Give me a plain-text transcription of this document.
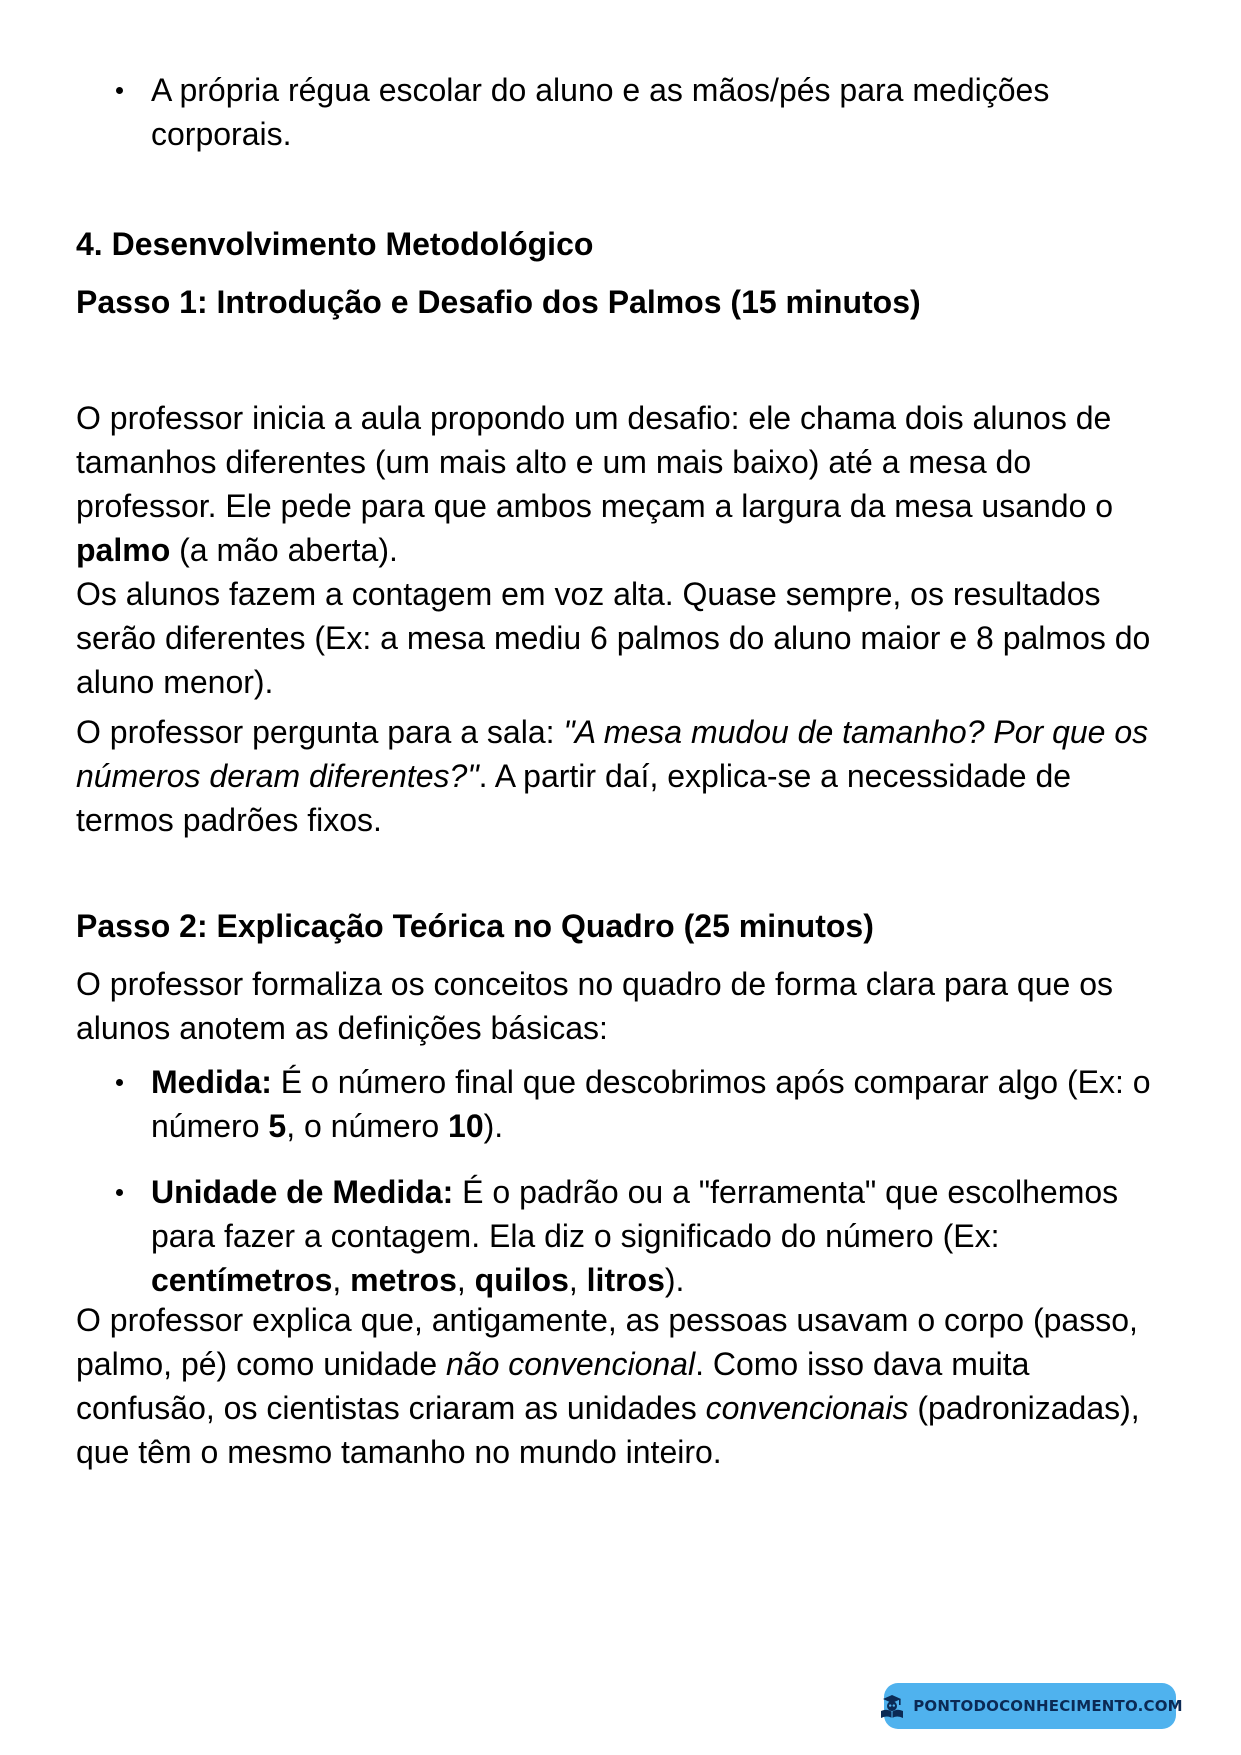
A própria régua escolar do aluno e as mãos/pés para medições corporais.
4. Desenvolvimento Metodológico
Passo 1: Introdução e Desafio dos Palmos (15 minutos)

O professor inicia a aula propondo um desafio: ele chama dois alunos de tamanhos diferentes (um mais alto e um mais baixo) até a mesa do professor. Ele pede para que ambos meçam a largura da mesa usando o palmo (a mão aberta).

Os alunos fazem a contagem em voz alta. Quase sempre, os resultados serão diferentes (Ex: a mesa mediu 6 palmos do aluno maior e 8 palmos do aluno menor).

O professor pergunta para a sala: "A mesa mudou de tamanho? Por que os números deram diferentes?". A partir daí, explica-se a necessidade de termos padrões fixos.

Passo 2: Explicação Teórica no Quadro (25 minutos)

O professor formaliza os conceitos no quadro de forma clara para que os alunos anotem as definições básicas:

Medida: É o número final que descobrimos após comparar algo (Ex: o número 5, o número 10).
Unidade de Medida: É o padrão ou a "ferramenta" que escolhemos para fazer a contagem. Ela diz o significado do número (Ex: centímetros, metros, quilos, litros).

O professor explica que, antigamente, as pessoas usavam o corpo (passo, palmo, pé) como unidade não convencional. Como isso dava muita confusão, os cientistas criaram as unidades convencionais (padronizadas), que têm o mesmo tamanho no mundo inteiro.

PONTODOCONHECIMENTO.COM
